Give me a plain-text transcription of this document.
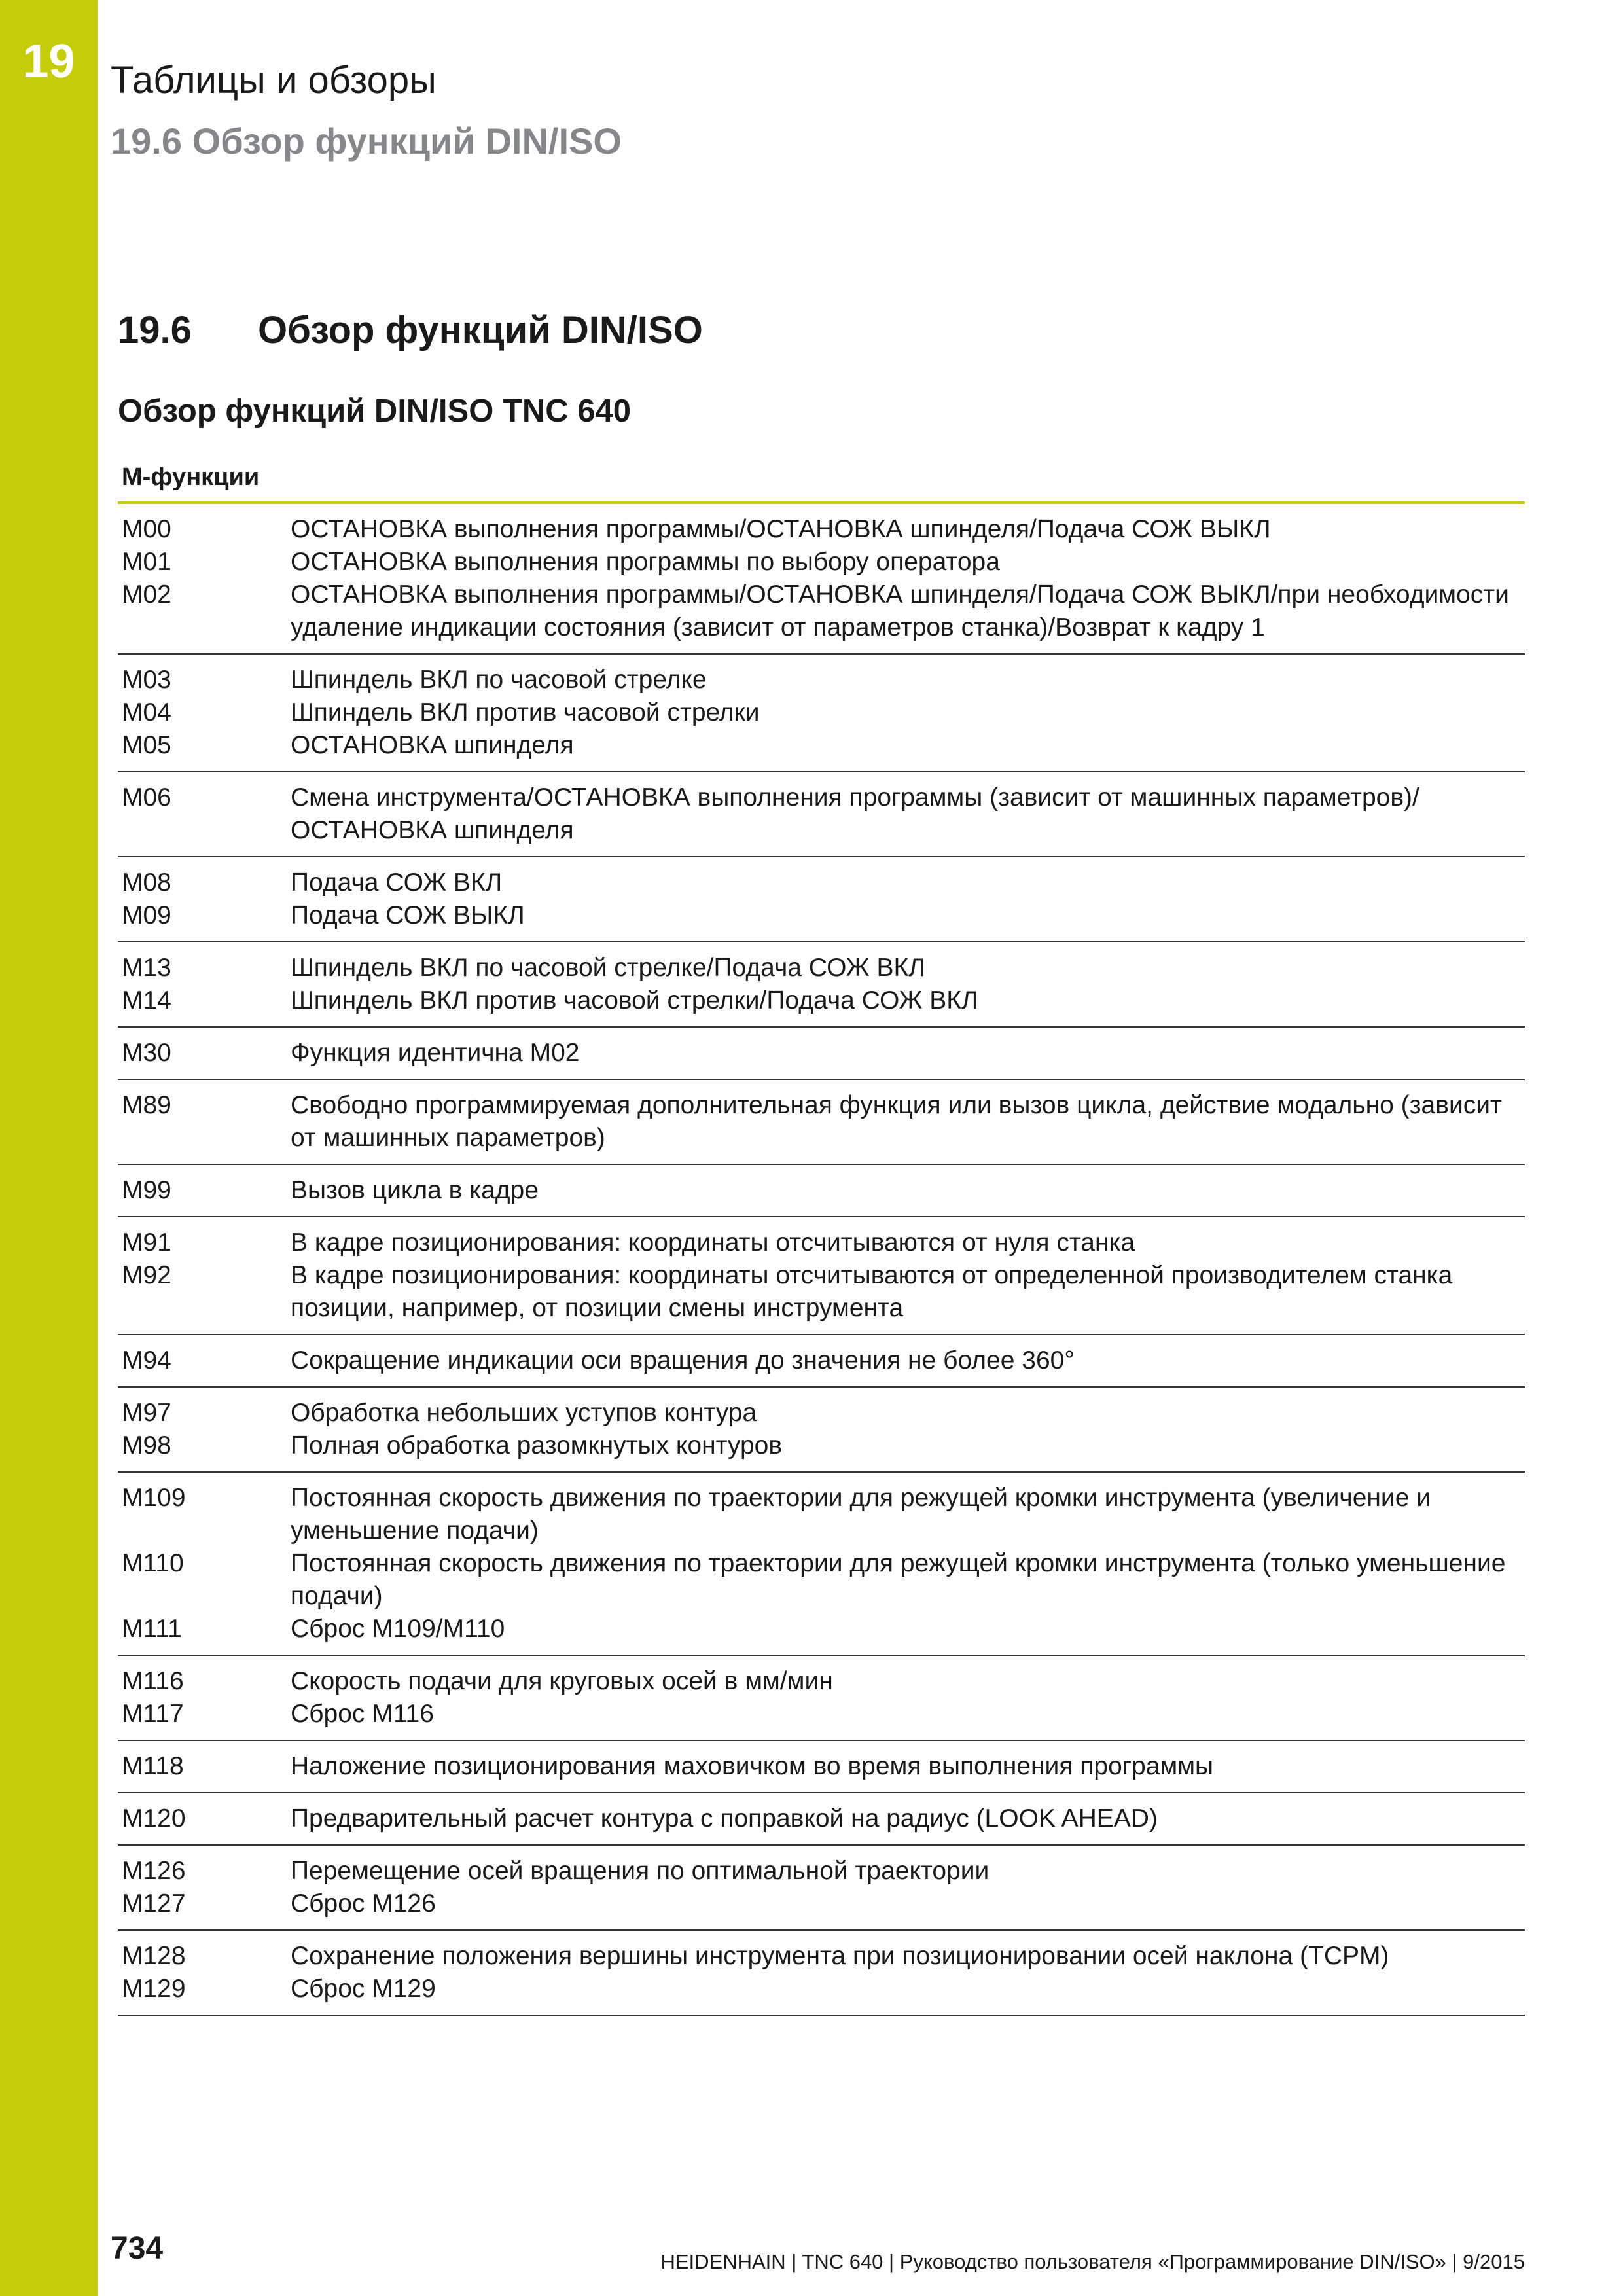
19 Таблицы и обзоры
19.6 Обзор функций DIN/ISO
19.6 Обзор функций DIN/ISO
Обзор функций DIN/ISO TNC 640
M-функции
M00	ОСТАНОВКА выполнения программы/ОСТАНОВКА шпинделя/Подача СОЖ ВЫКЛ
M01	ОСТАНОВКА выполнения программы по выбору оператора
M02	ОСТАНОВКА выполнения программы/ОСТАНОВКА шпинделя/Подача СОЖ ВЫКЛ/при необходимости удаление индикации состояния (зависит от параметров станка)/Возврат к кадру 1
M03	Шпиндель ВКЛ по часовой стрелке
M04	Шпиндель ВКЛ против часовой стрелки
M05	ОСТАНОВКА шпинделя
M06	Смена инструмента/ОСТАНОВКА выполнения программы (зависит от машинных параметров)/ОСТАНОВКА шпинделя
M08	Подача СОЖ ВКЛ
M09	Подача СОЖ ВЫКЛ
M13	Шпиндель ВКЛ по часовой стрелке/Подача СОЖ ВКЛ
M14	Шпиндель ВКЛ против часовой стрелки/Подача СОЖ ВКЛ
M30	Функция идентична M02
M89	Свободно программируемая дополнительная функция или вызов цикла, действие модально (зависит от машинных параметров)
M99	Вызов цикла в кадре
M91	В кадре позиционирования: координаты отсчитываются от нуля станка
M92	В кадре позиционирования: координаты отсчитываются от определенной производителем станка позиции, например, от позиции смены инструмента
M94	Сокращение индикации оси вращения до значения не более 360°
M97	Обработка небольших уступов контура
M98	Полная обработка разомкнутых контуров
M109	Постоянная скорость движения по траектории для режущей кромки инструмента (увеличение и уменьшение подачи)
M110	Постоянная скорость движения по траектории для режущей кромки инструмента (только уменьшение подачи)
M111	Сброс M109/M110
M116	Скорость подачи для круговых осей в мм/мин
M117	Сброс M116
M118	Наложение позиционирования маховичком во время выполнения программы
M120	Предварительный расчет контура с поправкой на радиус (LOOK AHEAD)
M126	Перемещение осей вращения по оптимальной траектории
M127	Сброс M126
M128	Сохранение положения вершины инструмента при позиционировании осей наклона (TCPM)
M129	Сброс M129
734	HEIDENHAIN | TNC 640 | Руководство пользователя «Программирование DIN/ISO» | 9/2015
